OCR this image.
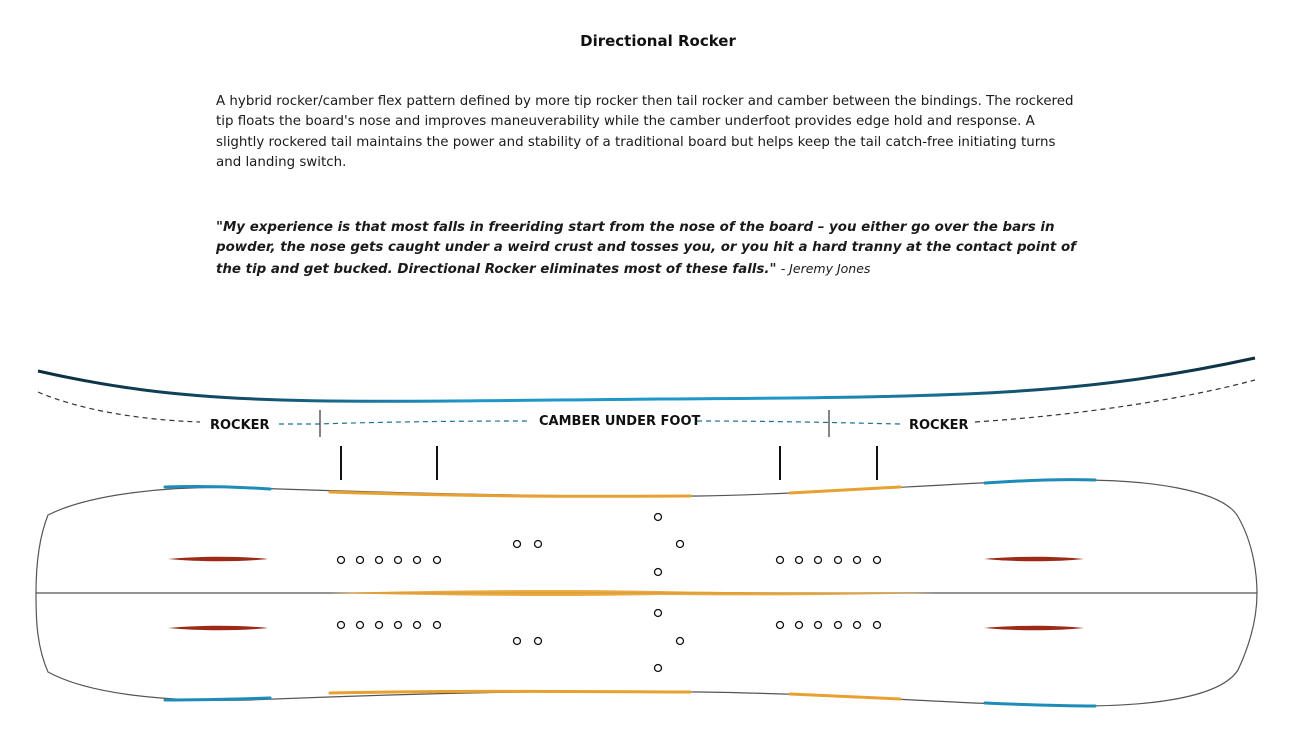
Directional Rocker

A hybrid rocker/camber flex pattern defined by more tip rocker then tail rocker and camber between the bindings. The rockered tip floats the board's nose and improves maneuverability while the camber underfoot provides edge hold and response. A slightly rockered tail maintains the power and stability of a traditional board but helps keep the tail catch-free initiating turns and landing switch.

"My experience is that most falls in freeriding start from the nose of the board – you either go over the bars in powder, the nose gets caught under a weird crust and tosses you, or you hit a hard tranny at the contact point of the tip and get bucked. Directional Rocker eliminates most of these falls." - Jeremy Jones

ROCKER	CAMBER UNDER FOOT	ROCKER
